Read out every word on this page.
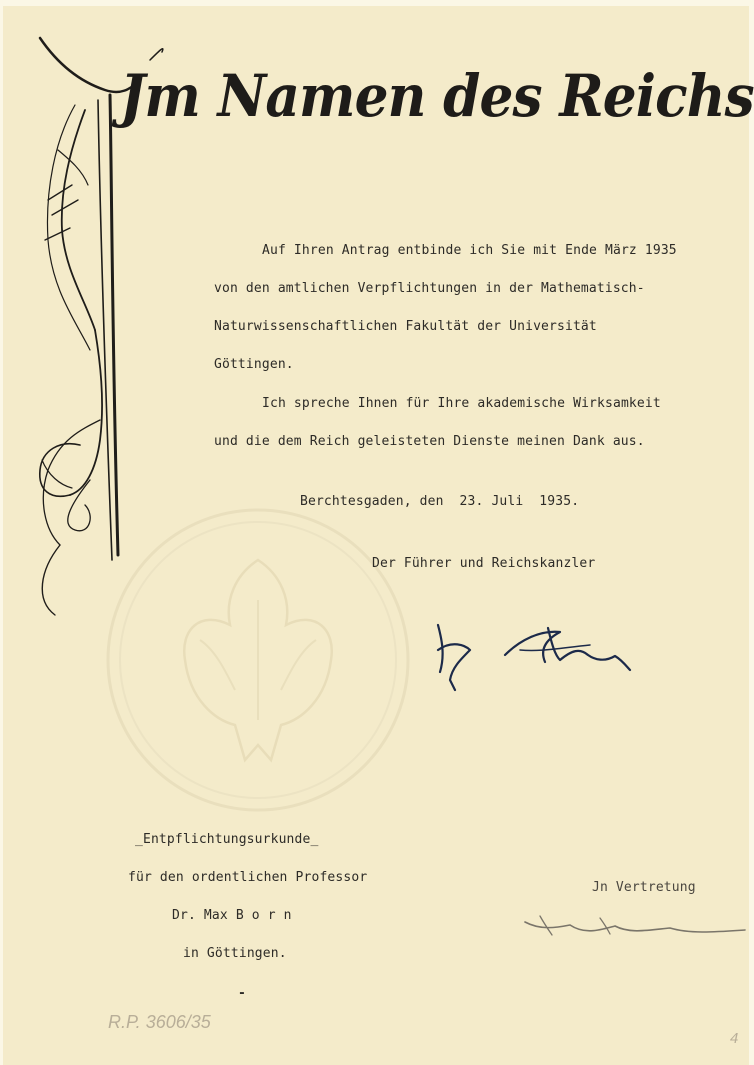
Jm Namen des Reichs
Auf Ihren Antrag entbinde ich Sie mit Ende März 1935
von den amtlichen Verpflichtungen in der Mathematisch-
Naturwissenschaftlichen Fakultät der Universität
Göttingen.
Ich spreche Ihnen für Ihre akademische Wirksamkeit
und die dem Reich geleisteten Dienste meinen Dank aus.
Berchtesgaden, den  23. Juli  1935.
Der Führer und Reichskanzler
_Entpflichtungsurkunde_
für den ordentlichen Professor
Dr. Max B o r n
in Göttingen.
-
Jn Vertretung
R.P. 3606/35
4
